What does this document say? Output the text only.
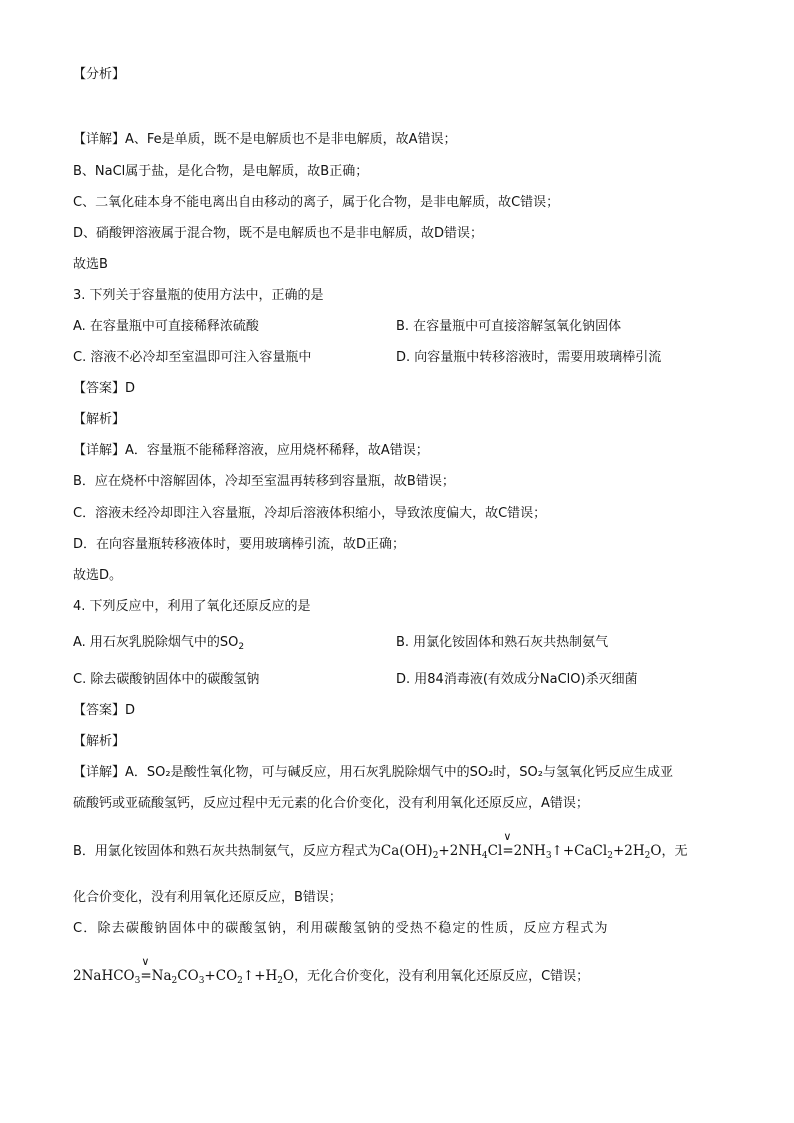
【分析】
【详解】A、Fe是单质，既不是电解质也不是非电解质，故A错误；
B、NaCl属于盐，是化合物，是电解质，故B正确；
C、二氧化硅本身不能电离出自由移动的离子，属于化合物，是非电解质，故C错误；
D、硝酸钾溶液属于混合物，既不是电解质也不是非电解质，故D错误；
故选B
3. 下列关于容量瓶的使用方法中，正确的是
A. 在容量瓶中可直接稀释浓硫酸	B. 在容量瓶中可直接溶解氢氧化钠固体
C. 溶液不必冷却至室温即可注入容量瓶中	D. 向容量瓶中转移溶液时，需要用玻璃棒引流
【答案】D
【解析】
【详解】A．容量瓶不能稀释溶液，应用烧杯稀释，故A错误；
B．应在烧杯中溶解固体，冷却至室温再转移到容量瓶，故B错误；
C．溶液未经冷却即注入容量瓶，冷却后溶液体积缩小，导致浓度偏大，故C错误；
D．在向容量瓶转移液体时，要用玻璃棒引流，故D正确；
故选D。
4. 下列反应中，利用了氧化还原反应的是
A. 用石灰乳脱除烟气中的$SO_2$	B. 用氯化铵固体和熟石灰共热制氨气
C. 除去碳酸钠固体中的碳酸氢钠	D. 用84消毒液(有效成分NaClO)杀灭细菌
【答案】D
【解析】
【详解】A．SO₂是酸性氧化物，可与碱反应，用石灰乳脱除烟气中的SO₂时，SO₂与氢氧化钙反应生成亚
硫酸钙或亚硫酸氢钙，反应过程中无元素的化合价变化，没有利用氧化还原反应，A错误；
B．用氯化铵固体和熟石灰共热制氨气，反应方程式为$Ca(OH)_2+2NH_4Cl\vee$ $=2NH_3↑+CaCl_2+2H_2O$，无
化合价变化，没有利用氧化还原反应，B错误；
C．除去碳酸钠固体中的碳酸氢钠，利用碳酸氢钠的受热不稳定的性质，反应方程式为
2NaHCO$_3$∨ $=Na_2CO_3+CO_2↑+H_2O$，无化合价变化，没有利用氧化还原反应，C错误；
